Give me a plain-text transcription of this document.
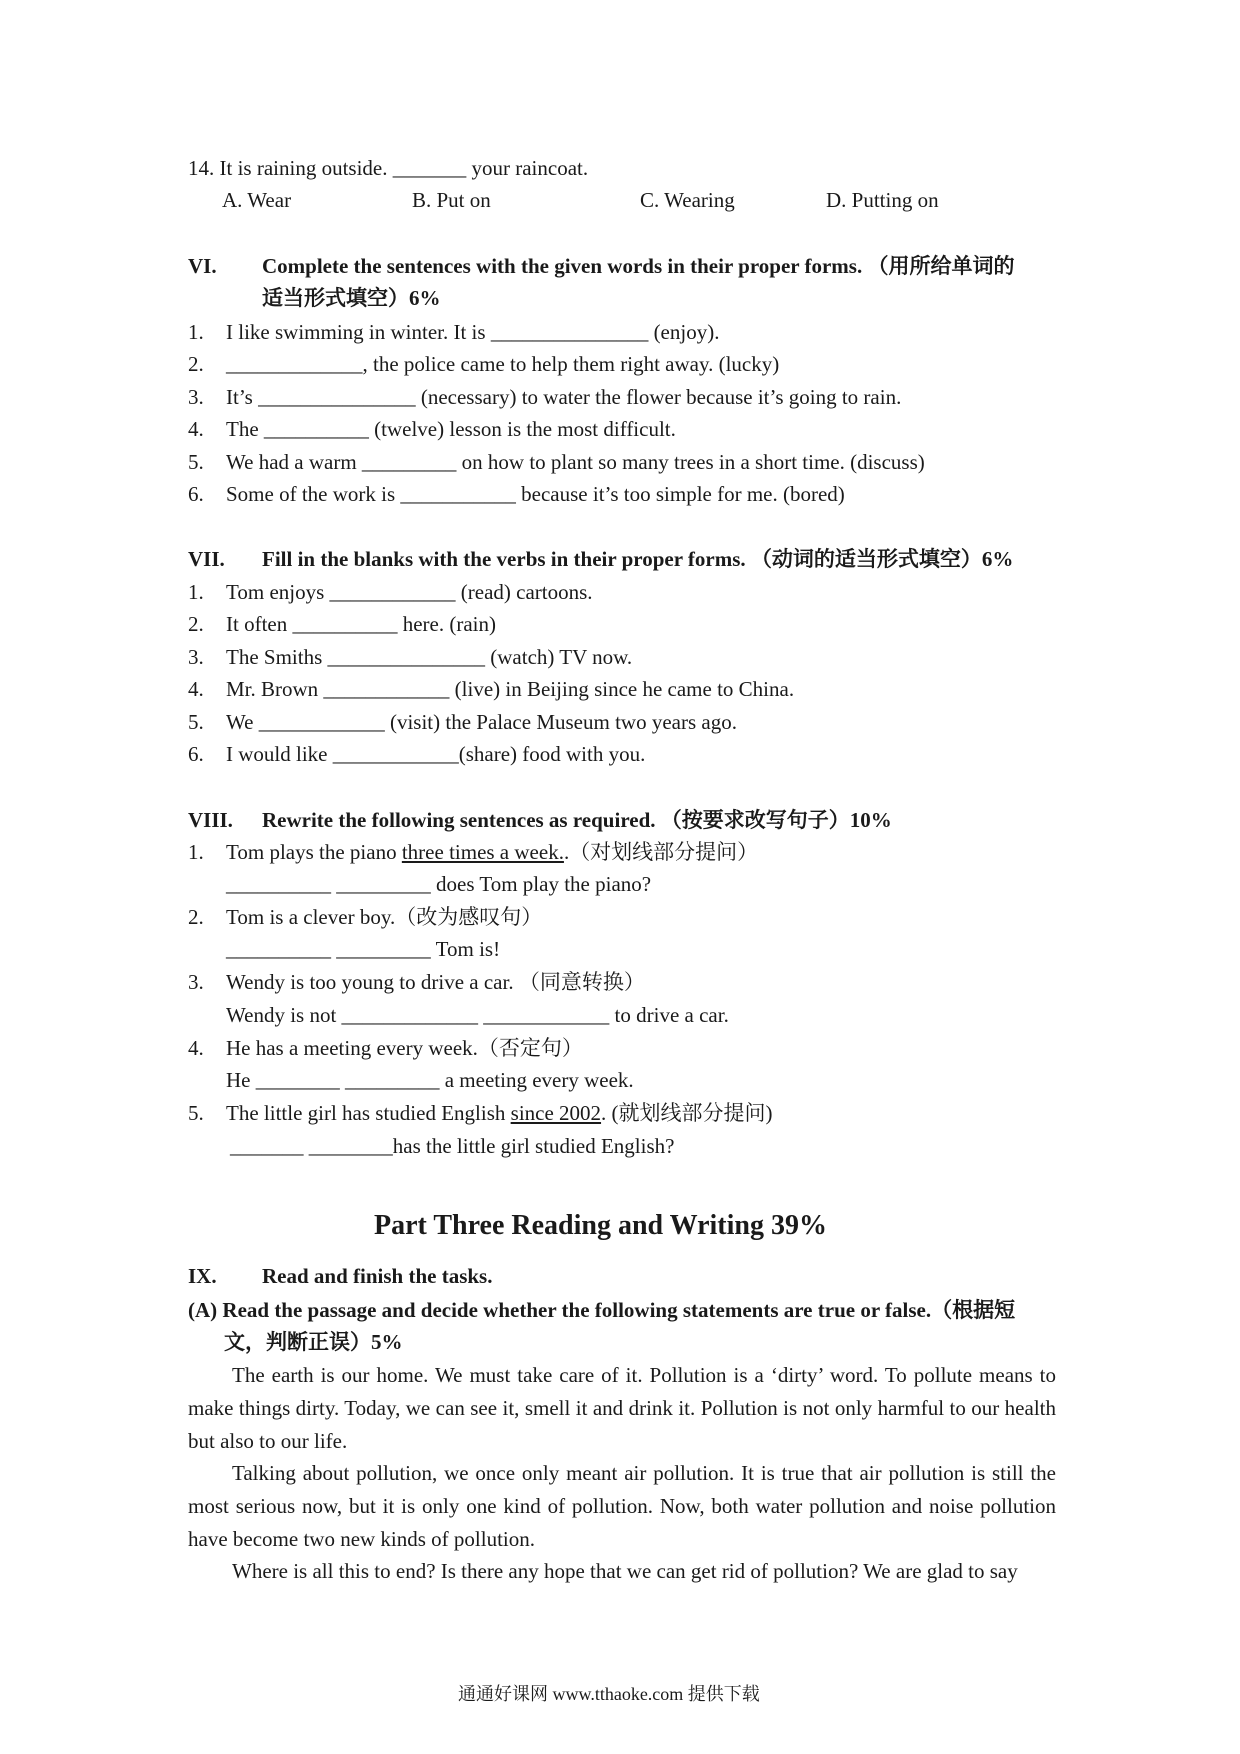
14. It is raining outside. _______ your raincoat.
A. Wear	B. Put on	C. Wearing	D. Putting on
VI. Complete the sentences with the given words in their proper forms. （用所给单词的
适当形式填空）6%
1. I like swimming in winter. It is _______________ (enjoy).
2. _____________, the police came to help them right away. (lucky)
3. It’s _______________ (necessary) to water the flower because it’s going to rain.
4. The __________ (twelve) lesson is the most difficult.
5. We had a warm _________ on how to plant so many trees in a short time. (discuss)
6. Some of the work is ___________ because it’s too simple for me. (bored)
VII. Fill in the blanks with the verbs in their proper forms. （动词的适当形式填空）6%
1. Tom enjoys ____________ (read) cartoons.
2. It often __________ here. (rain)
3. The Smiths _______________ (watch) TV now.
4. Mr. Brown ____________ (live) in Beijing since he came to China.
5. We ____________ (visit) the Palace Museum two years ago.
6. I would like ____________(share) food with you.
VIII. Rewrite the following sentences as required. （按要求改写句子）10%
1. Tom plays the piano three times a week..（对划线部分提问）
__________ _________ does Tom play the piano?
2. Tom is a clever boy.（改为感叹句）
__________ _________ Tom is!
3. Wendy is too young to drive a car. （同意转换）
Wendy is not _____________ ____________ to drive a car.
4. He has a meeting every week.（否定句）
He ________ _________ a meeting every week.
5. The little girl has studied English since 2002. (就划线部分提问)
_______ ________has the little girl studied English?
Part Three Reading and Writing 39%
IX. Read and finish the tasks.
(A) Read the passage and decide whether the following statements are true or false.（根据短
文，判断正误）5%
The earth is our home. We must take care of it. Pollution is a ‘dirty’ word. To pollute means to make things dirty. Today, we can see it, smell it and drink it. Pollution is not only harmful to our health but also to our life.
Talking about pollution, we once only meant air pollution. It is true that air pollution is still the most serious now, but it is only one kind of pollution. Now, both water pollution and noise pollution have become two new kinds of pollution.
Where is all this to end? Is there any hope that we can get rid of pollution? We are glad to say
通通好课网 www.tthaoke.com 提供下载
